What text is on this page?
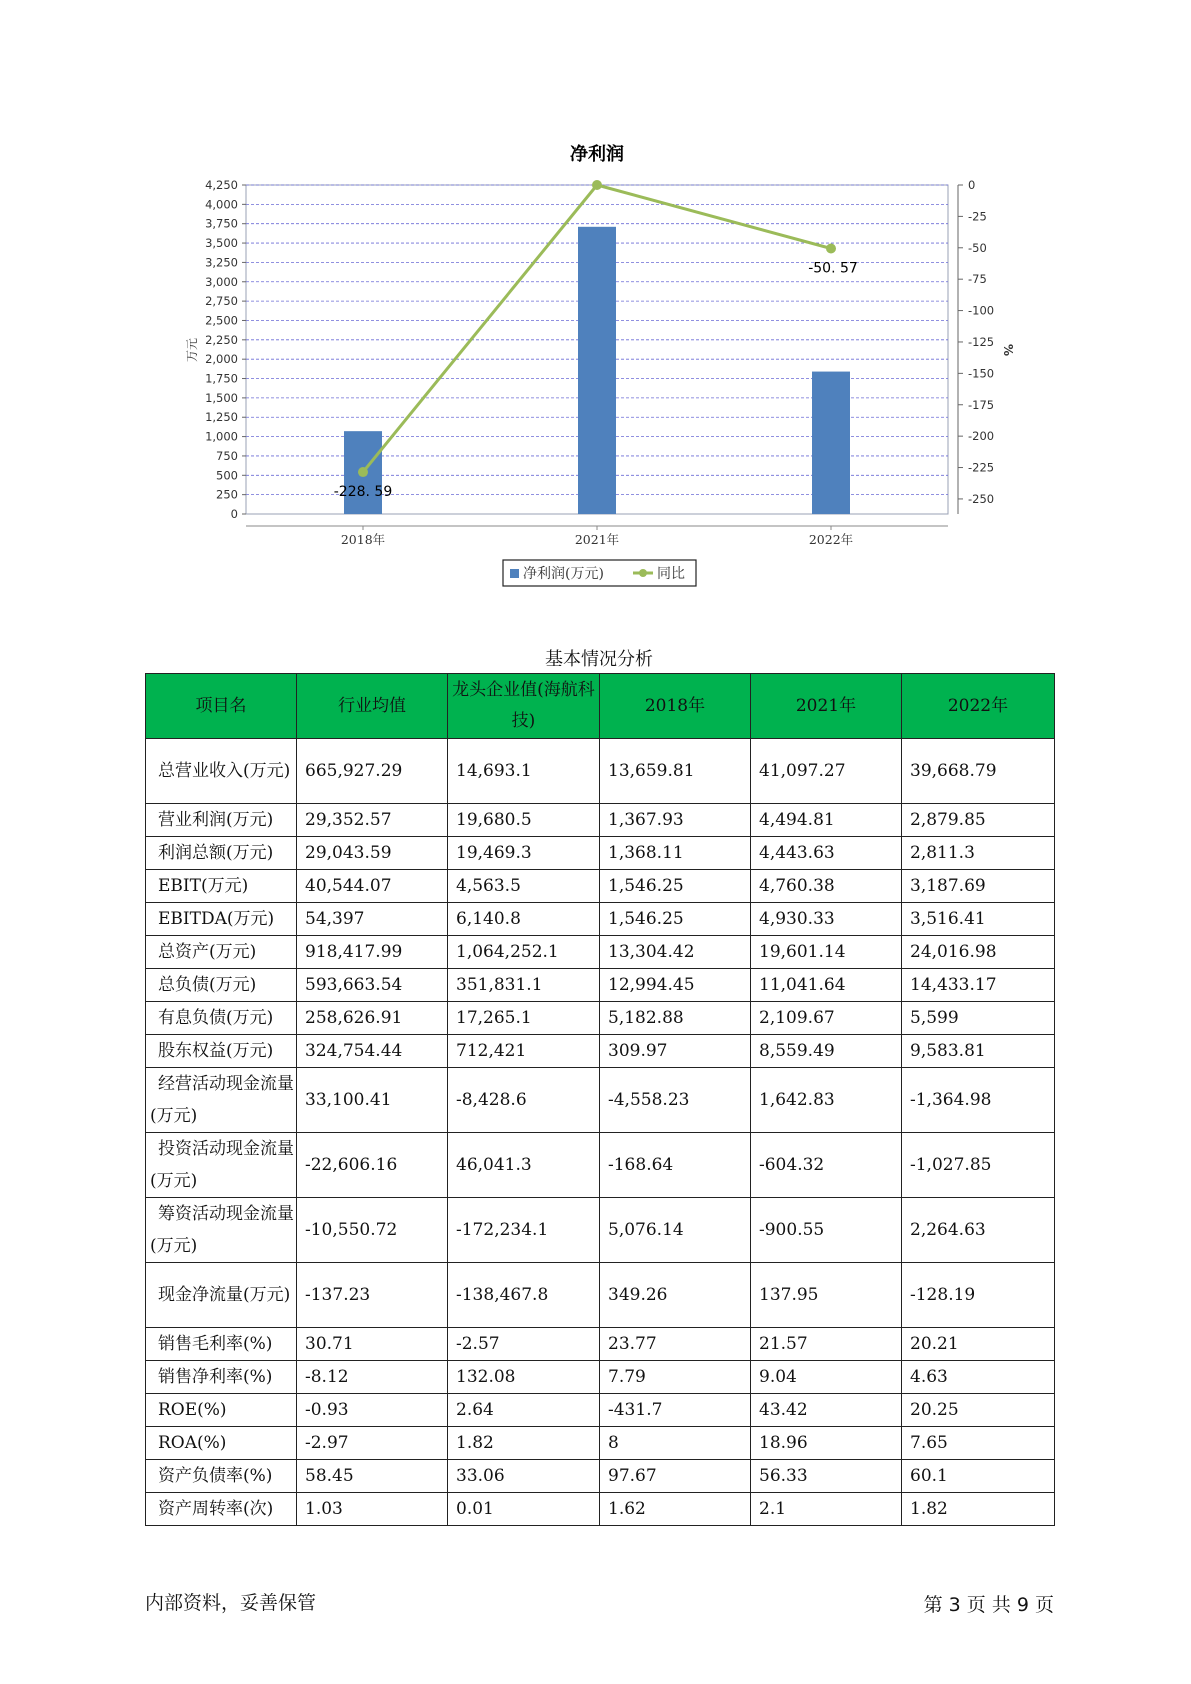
净利润
0
250
500
750
1,000
1,250
1,500
1,750
2,000
2,250
2,500
2,750
3,000
3,250
3,500
3,750
4,000
4,250	0
-25
-50
-75
-100
-125
-150
-175
-200
-225
-250
万元	%
2018年	2021年	2022年
-228. 59
-50. 57
净利润(万元)	同比
基本情况分析
项目名	行业均值	龙头企业值(海航科技)	2018年	2021年	2022年
总营业收入(万元)	665,927.29	14,693.1	13,659.81	41,097.27	39,668.79
营业利润(万元)	29,352.57	19,680.5	1,367.93	4,494.81	2,879.85
利润总额(万元)	29,043.59	19,469.3	1,368.11	4,443.63	2,811.3
EBIT(万元)	40,544.07	4,563.5	1,546.25	4,760.38	3,187.69
EBITDA(万元)	54,397	6,140.8	1,546.25	4,930.33	3,516.41
总资产(万元)	918,417.99	1,064,252.1	13,304.42	19,601.14	24,016.98
总负债(万元)	593,663.54	351,831.1	12,994.45	11,041.64	14,433.17
有息负债(万元)	258,626.91	17,265.1	5,182.88	2,109.67	5,599
股东权益(万元)	324,754.44	712,421	309.97	8,559.49	9,583.81
经营活动现金流量(万元)	33,100.41	-8,428.6	-4,558.23	1,642.83	-1,364.98
投资活动现金流量(万元)	-22,606.16	46,041.3	-168.64	-604.32	-1,027.85
筹资活动现金流量(万元)	-10,550.72	-172,234.1	5,076.14	-900.55	2,264.63
现金净流量(万元)	-137.23	-138,467.8	349.26	137.95	-128.19
销售毛利率(%)	30.71	-2.57	23.77	21.57	20.21
销售净利率(%)	-8.12	132.08	7.79	9.04	4.63
ROE(%)	-0.93	2.64	-431.7	43.42	20.25
ROA(%)	-2.97	1.82	8	18.96	7.65
资产负债率(%)	58.45	33.06	97.67	56.33	60.1
资产周转率(次)	1.03	0.01	1.62	2.1	1.82
内部资料，妥善保管	第 3 页 共 9 页
